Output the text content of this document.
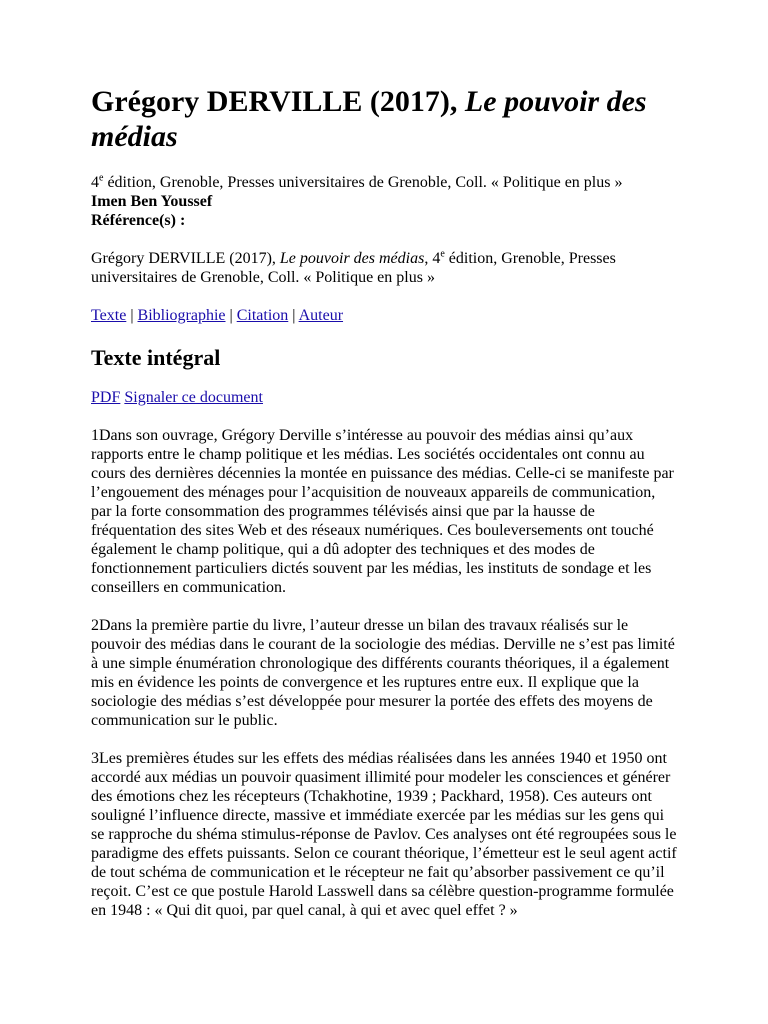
Grégory DERVILLE (2017), Le pouvoir des médias
4e édition, Grenoble, Presses universitaires de Grenoble, Coll. « Politique en plus »
Imen Ben Youssef
Référence(s) :
Grégory DERVILLE (2017), Le pouvoir des médias, 4e édition, Grenoble, Presses universitaires de Grenoble, Coll. « Politique en plus »
Texte | Bibliographie | Citation | Auteur
Texte intégral
PDF Signaler ce document

1Dans son ouvrage, Grégory Derville s’intéresse au pouvoir des médias ainsi qu’aux rapports entre le champ politique et les médias. Les sociétés occidentales ont connu au cours des dernières décennies la montée en puissance des médias. Celle-ci se manifeste par l’engouement des ménages pour l’acquisition de nouveaux appareils de communication, par la forte consommation des programmes télévisés ainsi que par la hausse de fréquentation des sites Web et des réseaux numériques. Ces bouleversements ont touché également le champ politique, qui a dû adopter des techniques et des modes de fonctionnement particuliers dictés souvent par les médias, les instituts de sondage et les conseillers en communication.

2Dans la première partie du livre, l’auteur dresse un bilan des travaux réalisés sur le pouvoir des médias dans le courant de la sociologie des médias. Derville ne s’est pas limité à une simple énumération chronologique des différents courants théoriques, il a également mis en évidence les points de convergence et les ruptures entre eux. Il explique que la sociologie des médias s’est développée pour mesurer la portée des effets des moyens de communication sur le public.

3Les premières études sur les effets des médias réalisées dans les années 1940 et 1950 ont accordé aux médias un pouvoir quasiment illimité pour modeler les consciences et générer des émotions chez les récepteurs (Tchakhotine, 1939 ; Packhard, 1958). Ces auteurs ont souligné l’influence directe, massive et immédiate exercée par les médias sur les gens qui se rapproche du shéma stimulus-réponse de Pavlov. Ces analyses ont été regroupées sous le paradigme des effets puissants. Selon ce courant théorique, l’émetteur est le seul agent actif de tout schéma de communication et le récepteur ne fait qu’absorber passivement ce qu’il reçoit. C’est ce que postule Harold Lasswell dans sa célèbre question-programme formulée en 1948 : « Qui dit quoi, par quel canal, à qui et avec quel effet ? »
